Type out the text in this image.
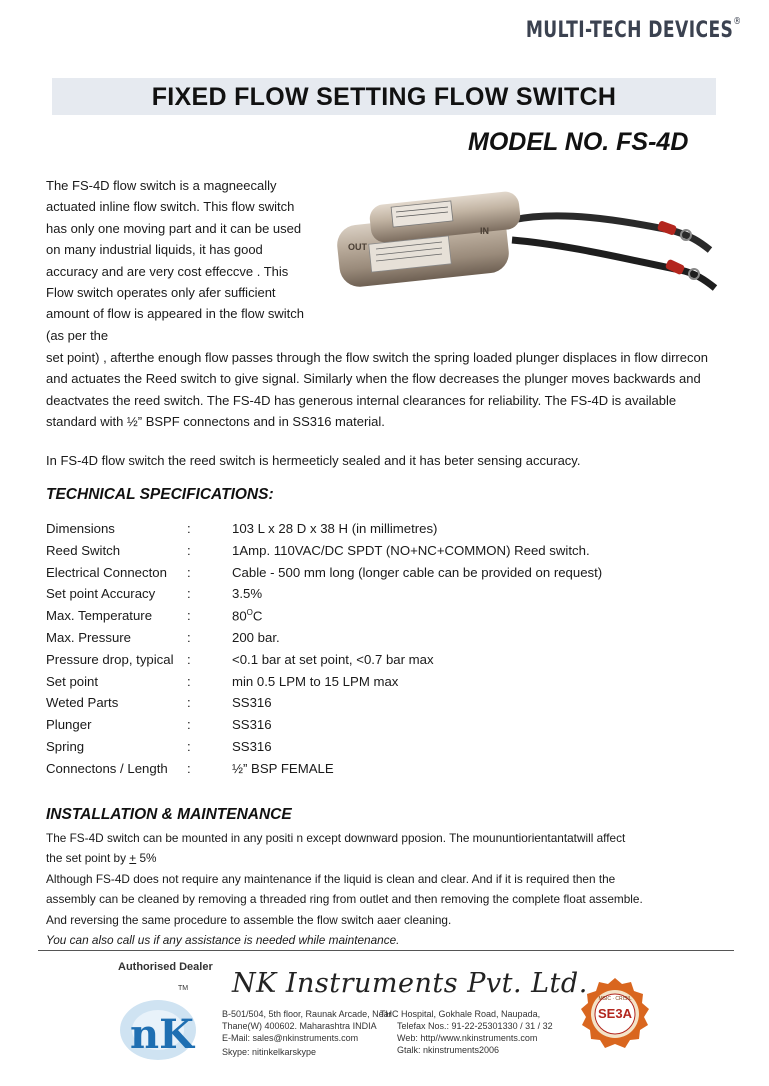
MULTI-TECH DEVICES®
FIXED FLOW SETTING FLOW SWITCH
MODEL NO. FS-4D
The FS-4D flow switch is a magneecally actuated inline flow switch. This flow switch has only one moving part and it can be used on many industrial liquids, it has good accuracy and are very cost effeccve . This Flow switch operates only afer sufficient amount of flow is appeared in the flow switch (as per the
OUT
IN
set point) , afterthe enough flow passes through the flow switch the spring loaded plunger displaces in flow dirrecon and actuates the Reed switch to give signal. Similarly when the flow decreases the plunger moves backwards and deactvates the reed switch. The FS-4D has generous internal clearances for reliability. The FS-4D is available standard with ½” BSPF connectons and in SS316 material.
In FS-4D flow switch the reed switch is hermeeticly sealed and it has beter sensing accuracy.
TECHNICAL SPECIFICATIONS:
Dimensions	:	103 L x 28 D x 38 H (in millimetres)
Reed Switch	:	1Amp. 110VAC/DC SPDT (NO+NC+COMMON) Reed switch.
Electrical Connecton :	Cable - 500 mm long (longer cable can be provided on request)
Set point Accuracy :	3.5%
Max. Temperature	:	$80^OC$
Max. Pressure	:	200 bar.
Pressure drop, typical :	<0.1 bar at set point, <0.7 bar max
Set point	:	min 0.5 LPM to 15 LPM max
Weted Parts	:	SS316
Plunger	:	SS316
Spring	:	SS316
Connectons / Length :	½” BSP FEMALE
INSTALLATION & MAINTENANCE
The FS-4D switch can be mounted in any positi n except downward pposion. The moununtiorientantatwill affect
the set point by + 5%
Although FS-4D does not require any maintenance if the liquid is clean and clear. And if it is required then the
assembly can be cleaned by removing a threaded ring from outlet and then removing the complete float assemble.
And reversing the same procedure to assemble the flow switch aaer cleaning.
You can also call us if any assistance is needed while maintenance.
Authorised Dealer
nK
TM NK Instruments Pvt. Ltd.
B-501/504, 5th floor, Raunak Arcade, Near
Thane(W) 400602. Maharashtra INDIA
E-Mail: sales@nkinstruments.com
Skype: nitinkelkarskype
THC Hospital, Gokhale Road, Naupada,
Telefax Nos.: 91-22-25301330 / 31 / 32
Web: http//www.nkinstruments.com
Gtalk: nkinstruments2006
SE3A
MSIC · CRISIL
